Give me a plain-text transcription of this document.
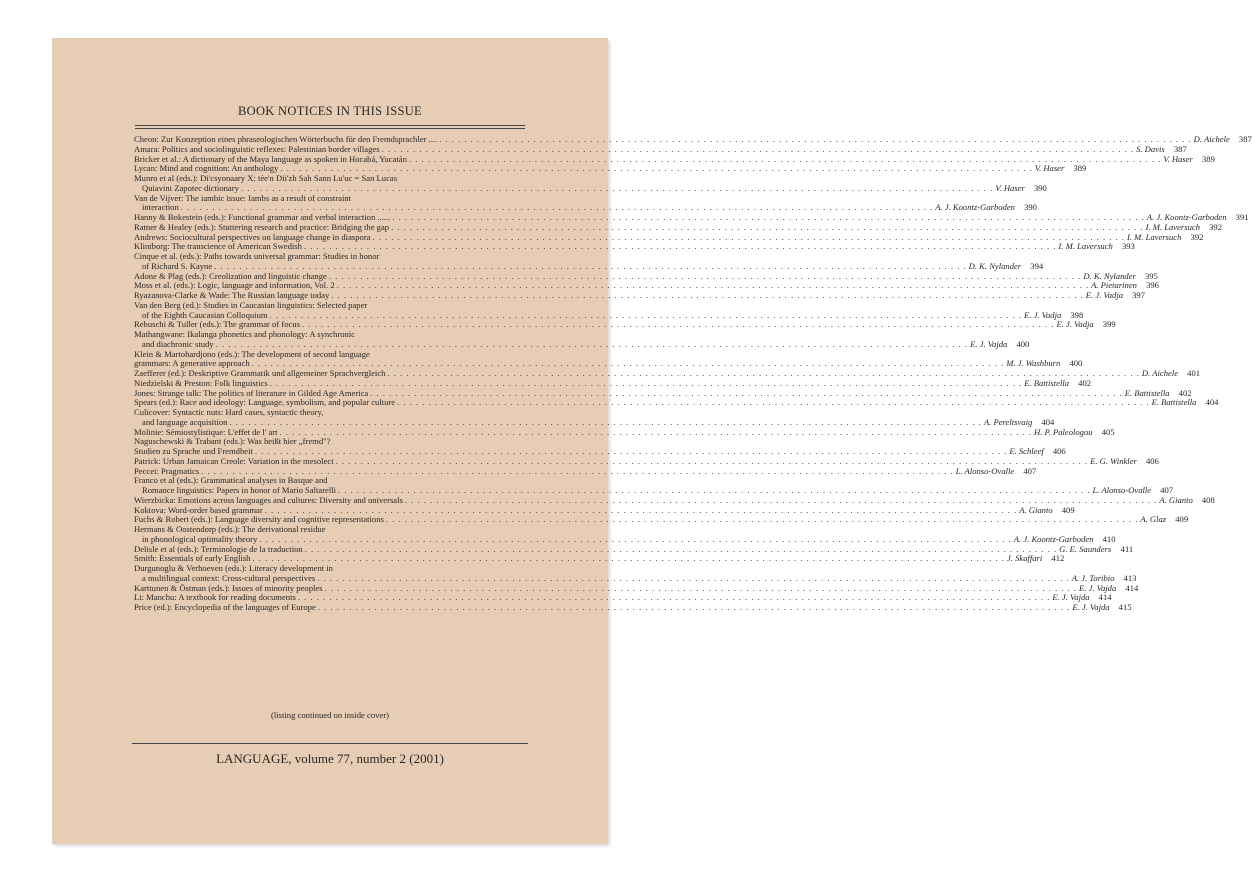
BOOK NOTICES IN THIS ISSUE
Cheon: Zur Konzeption eines phraseologischen Wörterbuchs für den Fremdsprachler .... . . . . . . . . . . . . . . . . . . . . . . . . . . . . . . . . . . . . . . . . . . . . . . . . . . . . . . . . . . . . . . . . . . . . . . . . . . . . . . . . . . . . . . . . . . . . . . . . . . . . . . . . . . . . . . . . . . . . . . . . D. Aichele	387
Amara: Politics and sociolinguistic reflexes: Palestinian border villages . . . . . . . . . . . . . . . . . . . . . . . . . . . . . . . . . . . . . . . . . . . . . . . . . . . . . . . . . . . . . . . . . . . . . . . . . . . . . . . . . . . . . . . . . . . . . . . . . . . . . . . . . . . . . . . . . . . . . . . . S. Davis	387
Bricker et al.: A dictionary of the Maya language as spoken in Hocabá, Yucatán . . . . . . . . . . . . . . . . . . . . . . . . . . . . . . . . . . . . . . . . . . . . . . . . . . . . . . . . . . . . . . . . . . . . . . . . . . . . . . . . . . . . . . . . . . . . . . . . . . . . . . . . . . . . . . . . . . . . . . . . V. Haser	389
Lycan: Mind and cognition: An anthology . . . . . . . . . . . . . . . . . . . . . . . . . . . . . . . . . . . . . . . . . . . . . . . . . . . . . . . . . . . . . . . . . . . . . . . . . . . . . . . . . . . . . . . . . . . . . . . . . . . . . . . . . . . . . . . . . . . . . . . . V. Haser	389
Munro et al (eds.): Di'csyonaary X: tèe'n Dii'zh Sah Sann Lu'uc = San Lucas
Quiavini Zapotec dictionary . . . . . . . . . . . . . . . . . . . . . . . . . . . . . . . . . . . . . . . . . . . . . . . . . . . . . . . . . . . . . . . . . . . . . . . . . . . . . . . . . . . . . . . . . . . . . . . . . . . . . . . . . . . . . . . . . . . . . . . . V. Haser	390
Van de Vijver: The iambic issue: Iambs as a result of constraint
interaction . . . . . . . . . . . . . . . . . . . . . . . . . . . . . . . . . . . . . . . . . . . . . . . . . . . . . . . . . . . . . . . . . . . . . . . . . . . . . . . . . . . . . . . . . . . . . . . . . . . . . . . . . . . . . . . . . . . . . . . . A. J. Koontz-Garboden	390
Hanny & Bokestein (eds.): Functional grammar and verbal interaction ...... . . . . . . . . . . . . . . . . . . . . . . . . . . . . . . . . . . . . . . . . . . . . . . . . . . . . . . . . . . . . . . . . . . . . . . . . . . . . . . . . . . . . . . . . . . . . . . . . . . . . . . . . . . . . . . . . . . . . . . . . A. J. Koontz-Garboden	391
Ratner & Healey (eds.): Stuttering research and practice: Bridging the gap . . . . . . . . . . . . . . . . . . . . . . . . . . . . . . . . . . . . . . . . . . . . . . . . . . . . . . . . . . . . . . . . . . . . . . . . . . . . . . . . . . . . . . . . . . . . . . . . . . . . . . . . . . . . . . . . . . . . . . . . I. M. Laversuch	392
Andrews: Sociocultural perspectives on language change in diaspora . . . . . . . . . . . . . . . . . . . . . . . . . . . . . . . . . . . . . . . . . . . . . . . . . . . . . . . . . . . . . . . . . . . . . . . . . . . . . . . . . . . . . . . . . . . . . . . . . . . . . . . . . . . . . . . . . . . . . . . . I. M. Laversuch	392
Klintborg: The transcience of American Swedish . . . . . . . . . . . . . . . . . . . . . . . . . . . . . . . . . . . . . . . . . . . . . . . . . . . . . . . . . . . . . . . . . . . . . . . . . . . . . . . . . . . . . . . . . . . . . . . . . . . . . . . . . . . . . . . . . . . . . . . . I. M. Laversuch	393
Cinque et al. (eds.): Paths towards universal grammar: Studies in honor
of Richard S. Kayne . . . . . . . . . . . . . . . . . . . . . . . . . . . . . . . . . . . . . . . . . . . . . . . . . . . . . . . . . . . . . . . . . . . . . . . . . . . . . . . . . . . . . . . . . . . . . . . . . . . . . . . . . . . . . . . . . . . . . . . . D. K. Nylander	394
Adone & Plag (eds.): Creolization and linguistic change . . . . . . . . . . . . . . . . . . . . . . . . . . . . . . . . . . . . . . . . . . . . . . . . . . . . . . . . . . . . . . . . . . . . . . . . . . . . . . . . . . . . . . . . . . . . . . . . . . . . . . . . . . . . . . . . . . . . . . . . D. K. Nylander	395
Moss et al. (eds.): Logic, language and information, Vol. 2 . . . . . . . . . . . . . . . . . . . . . . . . . . . . . . . . . . . . . . . . . . . . . . . . . . . . . . . . . . . . . . . . . . . . . . . . . . . . . . . . . . . . . . . . . . . . . . . . . . . . . . . . . . . . . . . . . . . . . . . . A. Pietarinen	396
Ryazanova-Clarke & Wade: The Russian language today . . . . . . . . . . . . . . . . . . . . . . . . . . . . . . . . . . . . . . . . . . . . . . . . . . . . . . . . . . . . . . . . . . . . . . . . . . . . . . . . . . . . . . . . . . . . . . . . . . . . . . . . . . . . . . . . . . . . . . . . E. J. Vadja	397
Van den Berg (ed.): Studies in Caucasian linguistics: Selected paper
of the Eighth Caucasian Colloquium . . . . . . . . . . . . . . . . . . . . . . . . . . . . . . . . . . . . . . . . . . . . . . . . . . . . . . . . . . . . . . . . . . . . . . . . . . . . . . . . . . . . . . . . . . . . . . . . . . . . . . . . . . . . . . . . . . . . . . . . E. J. Vadja	398
Rebuschi & Tuller (eds.): The grammar of focus . . . . . . . . . . . . . . . . . . . . . . . . . . . . . . . . . . . . . . . . . . . . . . . . . . . . . . . . . . . . . . . . . . . . . . . . . . . . . . . . . . . . . . . . . . . . . . . . . . . . . . . . . . . . . . . . . . . . . . . . E. J. Vadja	399
Mathangwane: Ikalanga phonetics and phonology: A synchronic
and diachronic study . . . . . . . . . . . . . . . . . . . . . . . . . . . . . . . . . . . . . . . . . . . . . . . . . . . . . . . . . . . . . . . . . . . . . . . . . . . . . . . . . . . . . . . . . . . . . . . . . . . . . . . . . . . . . . . . . . . . . . . . E. J. Vajda	400
Klein & Martohardjono (eds.): The development of second language
grammars: A generative approach . . . . . . . . . . . . . . . . . . . . . . . . . . . . . . . . . . . . . . . . . . . . . . . . . . . . . . . . . . . . . . . . . . . . . . . . . . . . . . . . . . . . . . . . . . . . . . . . . . . . . . . . . . . . . . . . . . . . . . . . M. J. Washburn	400
Zaefferer (ed.): Deskriptive Grammatik und allgemeiner Sprachvergleich . . . . . . . . . . . . . . . . . . . . . . . . . . . . . . . . . . . . . . . . . . . . . . . . . . . . . . . . . . . . . . . . . . . . . . . . . . . . . . . . . . . . . . . . . . . . . . . . . . . . . . . . . . . . . . . . . . . . . . . . D. Aichele	401
Niedzielski & Preston: Folk linguistics . . . . . . . . . . . . . . . . . . . . . . . . . . . . . . . . . . . . . . . . . . . . . . . . . . . . . . . . . . . . . . . . . . . . . . . . . . . . . . . . . . . . . . . . . . . . . . . . . . . . . . . . . . . . . . . . . . . . . . . . E. Battistella	402
Jones: Strange talk: The politics of literature in Gilded Age America . . . . . . . . . . . . . . . . . . . . . . . . . . . . . . . . . . . . . . . . . . . . . . . . . . . . . . . . . . . . . . . . . . . . . . . . . . . . . . . . . . . . . . . . . . . . . . . . . . . . . . . . . . . . . . . . . . . . . . . . E. Battistella	402
Spears (ed.): Race and ideology: Language, symbolism, and popular culture . . . . . . . . . . . . . . . . . . . . . . . . . . . . . . . . . . . . . . . . . . . . . . . . . . . . . . . . . . . . . . . . . . . . . . . . . . . . . . . . . . . . . . . . . . . . . . . . . . . . . . . . . . . . . . . . . . . . . . . . E. Battistella	404
Culicover: Syntactic nuts: Hard cases, syntactic theory,
and language acquisition . . . . . . . . . . . . . . . . . . . . . . . . . . . . . . . . . . . . . . . . . . . . . . . . . . . . . . . . . . . . . . . . . . . . . . . . . . . . . . . . . . . . . . . . . . . . . . . . . . . . . . . . . . . . . . . . . . . . . . . . A. Pereltsvaig	404
Molinie: Sémiostylistique: L'effet de l' art . . . . . . . . . . . . . . . . . . . . . . . . . . . . . . . . . . . . . . . . . . . . . . . . . . . . . . . . . . . . . . . . . . . . . . . . . . . . . . . . . . . . . . . . . . . . . . . . . . . . . . . . . . . . . . . . . . . . . . . . H. P. Paleologou	405
Naguschewski & Trabant (eds.): Was heißt hier „fremd"?
Studien zu Sprache und Fremdheit . . . . . . . . . . . . . . . . . . . . . . . . . . . . . . . . . . . . . . . . . . . . . . . . . . . . . . . . . . . . . . . . . . . . . . . . . . . . . . . . . . . . . . . . . . . . . . . . . . . . . . . . . . . . . . . . . . . . . . . . E. Schleef	406
Patrick: Urban Jamaican Creole: Variation in the mesolect . . . . . . . . . . . . . . . . . . . . . . . . . . . . . . . . . . . . . . . . . . . . . . . . . . . . . . . . . . . . . . . . . . . . . . . . . . . . . . . . . . . . . . . . . . . . . . . . . . . . . . . . . . . . . . . . . . . . . . . . E. G. Winkler	406
Peccei: Pragmatics . . . . . . . . . . . . . . . . . . . . . . . . . . . . . . . . . . . . . . . . . . . . . . . . . . . . . . . . . . . . . . . . . . . . . . . . . . . . . . . . . . . . . . . . . . . . . . . . . . . . . . . . . . . . . . . . . . . . . . . . L. Alonso-Ovalle	407
Franco et al (eds.): Grammatical analyses in Basque and
Romance linguistics: Papers in honor of Mario Saltarelli . . . . . . . . . . . . . . . . . . . . . . . . . . . . . . . . . . . . . . . . . . . . . . . . . . . . . . . . . . . . . . . . . . . . . . . . . . . . . . . . . . . . . . . . . . . . . . . . . . . . . . . . . . . . . . . . . . . . . . . . L. Alonso-Ovalle	407
Wierzbicka: Emotions across languages and cultures: Diversity and universals . . . . . . . . . . . . . . . . . . . . . . . . . . . . . . . . . . . . . . . . . . . . . . . . . . . . . . . . . . . . . . . . . . . . . . . . . . . . . . . . . . . . . . . . . . . . . . . . . . . . . . . . . . . . . . . . . . . . . . . . A. Gianto	408
Koktova: Word-order based grammar . . . . . . . . . . . . . . . . . . . . . . . . . . . . . . . . . . . . . . . . . . . . . . . . . . . . . . . . . . . . . . . . . . . . . . . . . . . . . . . . . . . . . . . . . . . . . . . . . . . . . . . . . . . . . . . . . . . . . . . . A. Gianto	409
Fuchs & Robert (eds.): Language diversity and cognitive representations . . . . . . . . . . . . . . . . . . . . . . . . . . . . . . . . . . . . . . . . . . . . . . . . . . . . . . . . . . . . . . . . . . . . . . . . . . . . . . . . . . . . . . . . . . . . . . . . . . . . . . . . . . . . . . . . . . . . . . . . A. Glaz	409
Hermans & Oostendorp (eds.): The derivational residue
in phonological optimality theory . . . . . . . . . . . . . . . . . . . . . . . . . . . . . . . . . . . . . . . . . . . . . . . . . . . . . . . . . . . . . . . . . . . . . . . . . . . . . . . . . . . . . . . . . . . . . . . . . . . . . . . . . . . . . . . . . . . . . . . . A. J. Koontz-Garboden	410
Delisle et al (eds.): Terminologie de la traduction . . . . . . . . . . . . . . . . . . . . . . . . . . . . . . . . . . . . . . . . . . . . . . . . . . . . . . . . . . . . . . . . . . . . . . . . . . . . . . . . . . . . . . . . . . . . . . . . . . . . . . . . . . . . . . . . . . . . . . . . G. E. Saunders	411
Smith: Essentials of early English . . . . . . . . . . . . . . . . . . . . . . . . . . . . . . . . . . . . . . . . . . . . . . . . . . . . . . . . . . . . . . . . . . . . . . . . . . . . . . . . . . . . . . . . . . . . . . . . . . . . . . . . . . . . . . . . . . . . . . . . J. Skaffari	412
Durgunoglu & Verhoeven (eds.): Literacy development in
a multilingual context: Cross-cultural perspectives . . . . . . . . . . . . . . . . . . . . . . . . . . . . . . . . . . . . . . . . . . . . . . . . . . . . . . . . . . . . . . . . . . . . . . . . . . . . . . . . . . . . . . . . . . . . . . . . . . . . . . . . . . . . . . . . . . . . . . . . A. J. Toribio	413
Karttunen & Östman (eds.): Issues of minority peoples . . . . . . . . . . . . . . . . . . . . . . . . . . . . . . . . . . . . . . . . . . . . . . . . . . . . . . . . . . . . . . . . . . . . . . . . . . . . . . . . . . . . . . . . . . . . . . . . . . . . . . . . . . . . . . . . . . . . . . . . E. J. Vajda	414
Li: Manchu: A textbook for reading documents . . . . . . . . . . . . . . . . . . . . . . . . . . . . . . . . . . . . . . . . . . . . . . . . . . . . . . . . . . . . . . . . . . . . . . . . . . . . . . . . . . . . . . . . . . . . . . . . . . . . . . . . . . . . . . . . . . . . . . . . E. J. Vajda	414
Price (ed.): Encyclopedia of the languages of Europe . . . . . . . . . . . . . . . . . . . . . . . . . . . . . . . . . . . . . . . . . . . . . . . . . . . . . . . . . . . . . . . . . . . . . . . . . . . . . . . . . . . . . . . . . . . . . . . . . . . . . . . . . . . . . . . . . . . . . . . . E. J. Vajda	415
(listing continued on inside cover)
LANGUAGE, volume 77, number 2 (2001)
